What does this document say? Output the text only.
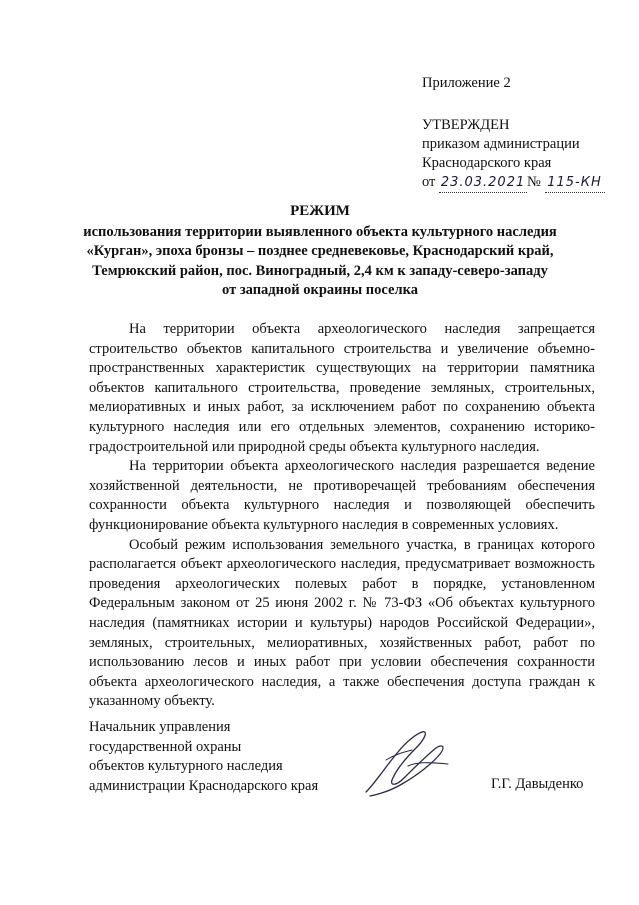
Приложение 2
УТВЕРЖДЕН
приказом администрации
Краснодарского края
от 23.03.2021 № 115-КН
РЕЖИМ
использования территории выявленного объекта культурного наследия
«Курган», эпоха бронзы – позднее средневековье, Краснодарский край,
Темрюкский район, пос. Виноградный, 2,4 км к западу-северо-западу
от западной окраины поселка

На территории объекта археологического наследия запрещается строительство объектов капитального строительства и увеличение объемно-пространственных характеристик существующих на территории памятника объектов капитального строительства, проведение земляных, строительных, мелиоративных и иных работ, за исключением работ по сохранению объекта культурного наследия или его отдельных элементов, сохранению историко-градостроительной или природной среды объекта культурного наследия.

На территории объекта археологического наследия разрешается ведение хозяйственной деятельности, не противоречащей требованиям обеспечения сохранности объекта культурного наследия и позволяющей обеспечить функционирование объекта культурного наследия в современных условиях.

Особый режим использования земельного участка, в границах которого располагается объект археологического наследия, предусматривает возможность проведения археологических полевых работ в порядке, установленном Федеральным законом от 25 июня 2002 г. № 73-ФЗ «Об объектах культурного наследия (памятниках истории и культуры) народов Российской Федерации», земляных, строительных, мелиоративных, хозяйственных работ, работ по использованию лесов и иных работ при условии обеспечения сохранности объекта археологического наследия, а также обеспечения доступа граждан к указанному объекту.

Начальник управления
государственной охраны
объектов культурного наследия
администрации Краснодарского края	Г.Г. Давыденко
